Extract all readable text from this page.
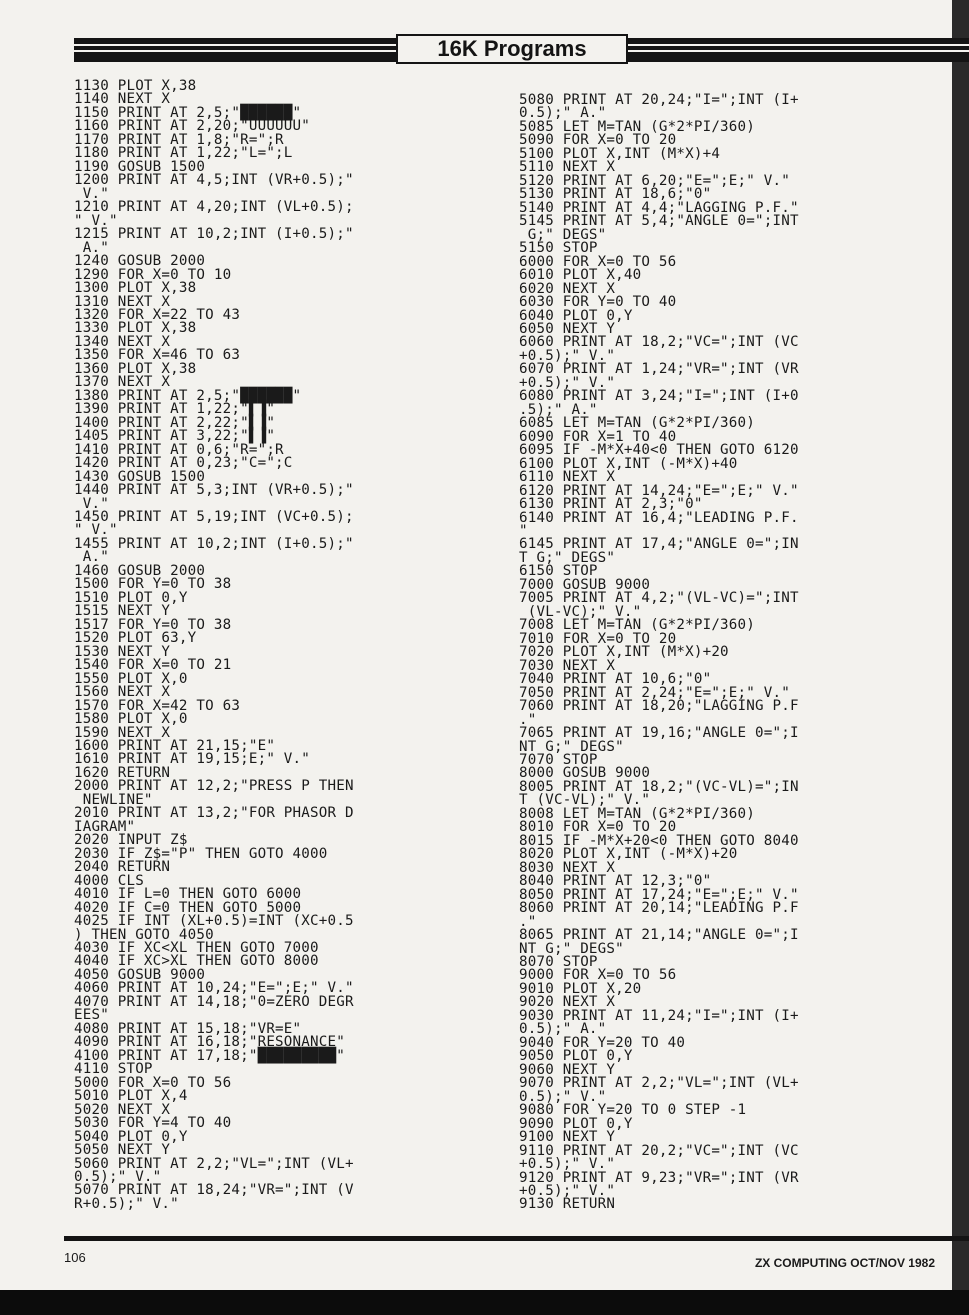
16K Programs
1130 PLOT X,38
1140 NEXT X
1150 PRINT AT 2,5;"██████"
1160 PRINT AT 2,20;"UUUUUU"
1170 PRINT AT 1,8;"R=";R
1180 PRINT AT 1,22;"L=";L
1190 GOSUB 1500
1200 PRINT AT 4,5;INT (VR+0.5);"
V."
1210 PRINT AT 4,20;INT (VL+0.5);
" V."
1215 PRINT AT 10,2;INT (I+0.5);"
A."
1240 GOSUB 2000
1290 FOR X=0 TO 10
1300 PLOT X,38
1310 NEXT X
1320 FOR X=22 TO 43
1330 PLOT X,38
1340 NEXT X
1350 FOR X=46 TO 63
1360 PLOT X,38
1370 NEXT X
1380 PRINT AT 2,5;"██████"
1390 PRINT AT 1,22;"▌▐"
1400 PRINT AT 2,22;"▌▐"
1405 PRINT AT 3,22;"▌▐"
1410 PRINT AT 0,6;"R=";R
1420 PRINT AT 0,23;"C=";C
1430 GOSUB 1500
1440 PRINT AT 5,3;INT (VR+0.5);"
V."
1450 PRINT AT 5,19;INT (VC+0.5);
" V."
1455 PRINT AT 10,2;INT (I+0.5);"
A."
1460 GOSUB 2000
1500 FOR Y=0 TO 38
1510 PLOT 0,Y
1515 NEXT Y
1517 FOR Y=0 TO 38
1520 PLOT 63,Y
1530 NEXT Y
1540 FOR X=0 TO 21
1550 PLOT X,0
1560 NEXT X
1570 FOR X=42 TO 63
1580 PLOT X,0
1590 NEXT X
1600 PRINT AT 21,15;"E"
1610 PRINT AT 19,15;E;" V."
1620 RETURN
2000 PRINT AT 12,2;"PRESS P THEN
NEWLINE"
2010 PRINT AT 13,2;"FOR PHASOR D
IAGRAM"
2020 INPUT Z$
2030 IF Z$="P" THEN GOTO 4000
2040 RETURN
4000 CLS
4010 IF L=0 THEN GOTO 6000
4020 IF C=0 THEN GOTO 5000
4025 IF INT (XL+0.5)=INT (XC+0.5
) THEN GOTO 4050
4030 IF XC<XL THEN GOTO 7000
4040 IF XC>XL THEN GOTO 8000
4050 GOSUB 9000
4060 PRINT AT 10,24;"E=";E;" V."
4070 PRINT AT 14,18;"0=ZERO DEGR
EES"
4080 PRINT AT 15,18;"VR=E"
4090 PRINT AT 16,18;"RESONANCE"
4100 PRINT AT 17,18;"█████████"
4110 STOP
5000 FOR X=0 TO 56
5010 PLOT X,4
5020 NEXT X
5030 FOR Y=4 TO 40
5040 PLOT 0,Y
5050 NEXT Y
5060 PRINT AT 2,2;"VL=";INT (VL+
0.5);" V."
5070 PRINT AT 18,24;"VR=";INT (V
R+0.5);" V."
5080 PRINT AT 20,24;"I=";INT (I+
0.5);" A."
5085 LET M=TAN (G*2*PI/360)
5090 FOR X=0 TO 20
5100 PLOT X,INT (M*X)+4
5110 NEXT X
5120 PRINT AT 6,20;"E=";E;" V."
5130 PRINT AT 18,6;"0"
5140 PRINT AT 4,4;"LAGGING P.F."
5145 PRINT AT 5,4;"ANGLE 0=";INT
G;" DEGS"
5150 STOP
6000 FOR X=0 TO 56
6010 PLOT X,40
6020 NEXT X
6030 FOR Y=0 TO 40
6040 PLOT 0,Y
6050 NEXT Y
6060 PRINT AT 18,2;"VC=";INT (VC
+0.5);" V."
6070 PRINT AT 1,24;"VR=";INT (VR
+0.5);" V."
6080 PRINT AT 3,24;"I=";INT (I+0
.5);" A."
6085 LET M=TAN (G*2*PI/360)
6090 FOR X=1 TO 40
6095 IF -M*X+40<0 THEN GOTO 6120
6100 PLOT X,INT (-M*X)+40
6110 NEXT X
6120 PRINT AT 14,24;"E=";E;" V."
6130 PRINT AT 2,3;"0"
6140 PRINT AT 16,4;"LEADING P.F.
"
6145 PRINT AT 17,4;"ANGLE 0=";IN
T G;" DEGS"
6150 STOP
7000 GOSUB 9000
7005 PRINT AT 4,2;"(VL-VC)=";INT
(VL-VC);" V."
7008 LET M=TAN (G*2*PI/360)
7010 FOR X=0 TO 20
7020 PLOT X,INT (M*X)+20
7030 NEXT X
7040 PRINT AT 10,6;"0"
7050 PRINT AT 2,24;"E=";E;" V."
7060 PRINT AT 18,20;"LAGGING P.F
."
7065 PRINT AT 19,16;"ANGLE 0=";I
NT G;" DEGS"
7070 STOP
8000 GOSUB 9000
8005 PRINT AT 18,2;"(VC-VL)=";IN
T (VC-VL);" V."
8008 LET M=TAN (G*2*PI/360)
8010 FOR X=0 TO 20
8015 IF -M*X+20<0 THEN GOTO 8040
8020 PLOT X,INT (-M*X)+20
8030 NEXT X
8040 PRINT AT 12,3;"0"
8050 PRINT AT 17,24;"E=";E;" V."
8060 PRINT AT 20,14;"LEADING P.F
."
8065 PRINT AT 21,14;"ANGLE 0=";I
NT G;" DEGS"
8070 STOP
9000 FOR X=0 TO 56
9010 PLOT X,20
9020 NEXT X
9030 PRINT AT 11,24;"I=";INT (I+
0.5);" A."
9040 FOR Y=20 TO 40
9050 PLOT 0,Y
9060 NEXT Y
9070 PRINT AT 2,2;"VL=";INT (VL+
0.5);" V."
9080 FOR Y=20 TO 0 STEP -1
9090 PLOT 0,Y
9100 NEXT Y
9110 PRINT AT 20,2;"VC=";INT (VC
+0.5);" V."
9120 PRINT AT 9,23;"VR=";INT (VR
+0.5);" V."
9130 RETURN
106	ZX COMPUTING OCT/NOV 1982
